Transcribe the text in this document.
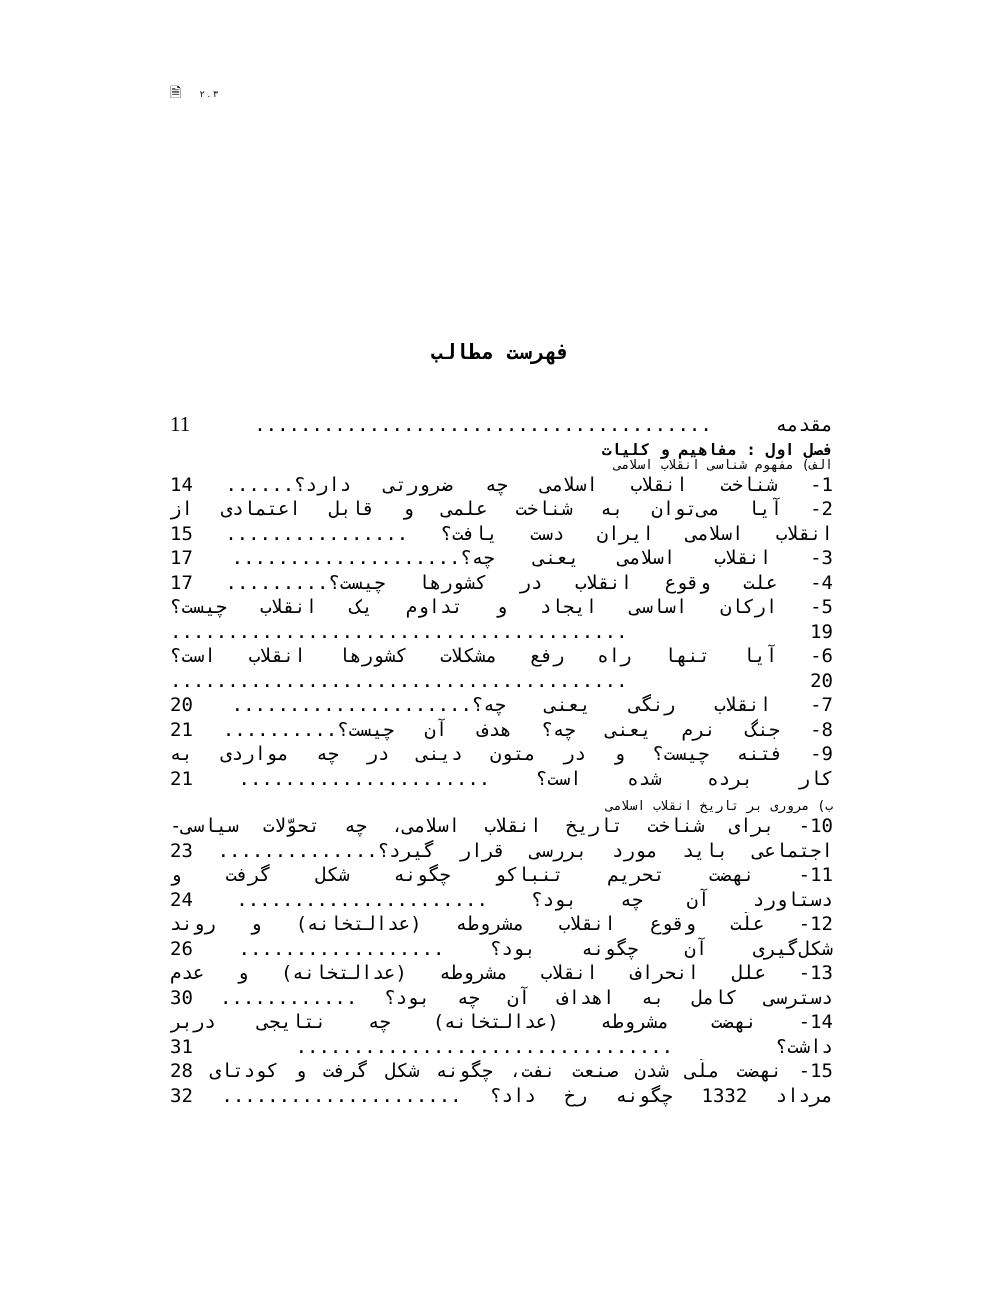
🗎 ۲ . ۳
فهرست مطالب
مقدمه ........................................ 11
فصل اول : مفاهیم و کلیات
الف) مفهوم شناسی انقلاب اسلامی
1- شناخت انقلاب اسلامی چه ضرورتی دارد؟...... 14
2- آیا می‌توان به شناخت علمی و قابل اعتمادی از
انقلاب اسلامی ایران دست یافت؟ ................ 15
3- انقلاب اسلامی یعنی چه؟.................... 17
4- علت وقوع انقلاب در کشورها چیست؟......... 17
5- ارکان اساسی ایجاد و تداوم یک انقلاب چیست؟
19 ........................................
6- آیا تنها راه رفع مشکلات کشورها انقلاب است؟
20 ........................................
7- انقلاب رنگی یعنی چه؟..................... 20
8- جنگ نرم یعنی چه؟ هدف آن چیست؟.......... 21
9- فتنه چیست؟ و در متون دینی در چه مواردی به
کار برده شده است؟ ...................... 21
ب) مروری بر تاریخ انقلاب اسلامی
10- برای شناخت تاریخ انقلاب اسلامی، چه تحوّلات سیاسی-
اجتماعی باید مورد بررسی قرار گیرد؟.............. 23
11- نهضت تحریم تنباکو چگونه شکل گرفت و
دستاورد آن چه بود؟ ...................... 24
12- علّت وقوع انقلاب مشروطه (عدالتخانه) و روند
شکل‌گیری آن چگونه بود؟ .................. 26
13- علل انحراف انقلاب مشروطه (عدالتخانه) و عدم
دسترسی کامل به اهداف آن چه بود؟ ............ 30
14- نهضت مشروطه (عدالتخانه) چه نتایجی دربر
داشت؟ ................................. 31
15- نهضت ملّی شدن صنعت نفت، چگونه شکل گرفت و کودتای 28
مرداد 1332 چگونه رخ داد؟ ..................... 32
